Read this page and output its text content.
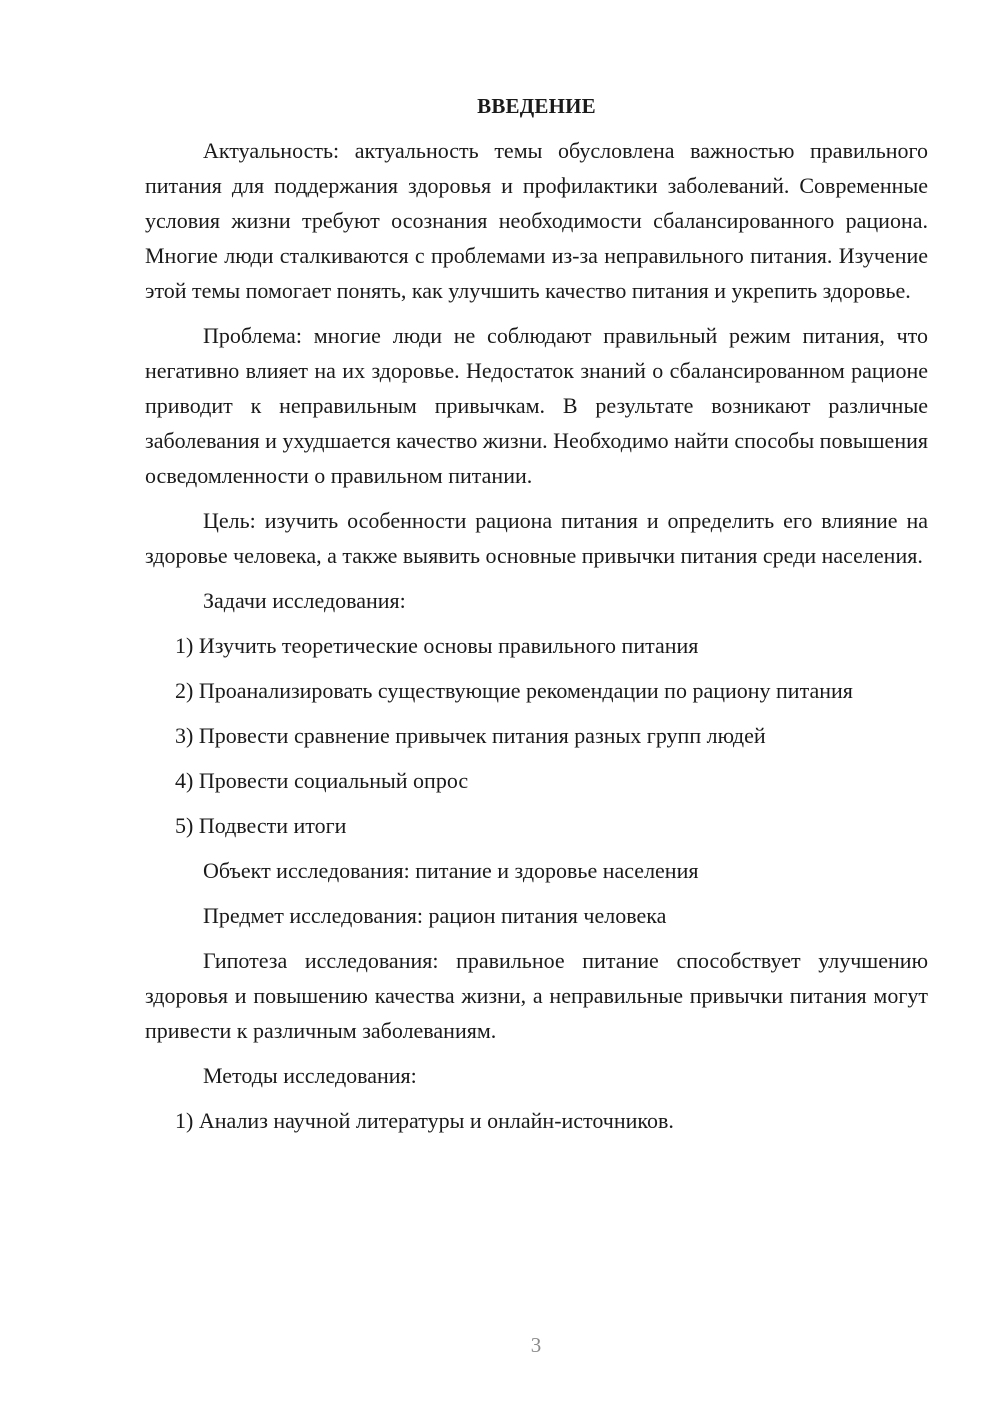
ВВЕДЕНИЕ

Актуальность: актуальность темы обусловлена важностью правильного питания для поддержания здоровья и профилактики заболеваний. Современные условия жизни требуют осознания необходимости сбалансированного рациона. Многие люди сталкиваются с проблемами из-за неправильного питания. Изучение этой темы помогает понять, как улучшить качество питания и укрепить здоровье.

Проблема: многие люди не соблюдают правильный режим питания, что негативно влияет на их здоровье. Недостаток знаний о сбалансированном рационе приводит к неправильным привычкам. В результате возникают различные заболевания и ухудшается качество жизни. Необходимо найти способы повышения осведомленности о правильном питании.

Цель: изучить особенности рациона питания и определить его влияние на здоровье человека, а также выявить основные привычки питания среди населения.

Задачи исследования:

1) Изучить теоретические основы правильного питания

2) Проанализировать существующие рекомендации по рациону питания

3) Провести сравнение привычек питания разных групп людей

4) Провести социальный опрос

5) Подвести итоги

Объект исследования: питание и здоровье населения

Предмет исследования: рацион питания человека

Гипотеза исследования: правильное питание способствует улучшению здоровья и повышению качества жизни, а неправильные привычки питания могут привести к различным заболеваниям.

Методы исследования:

1) Анализ научной литературы и онлайн-источников.

3
